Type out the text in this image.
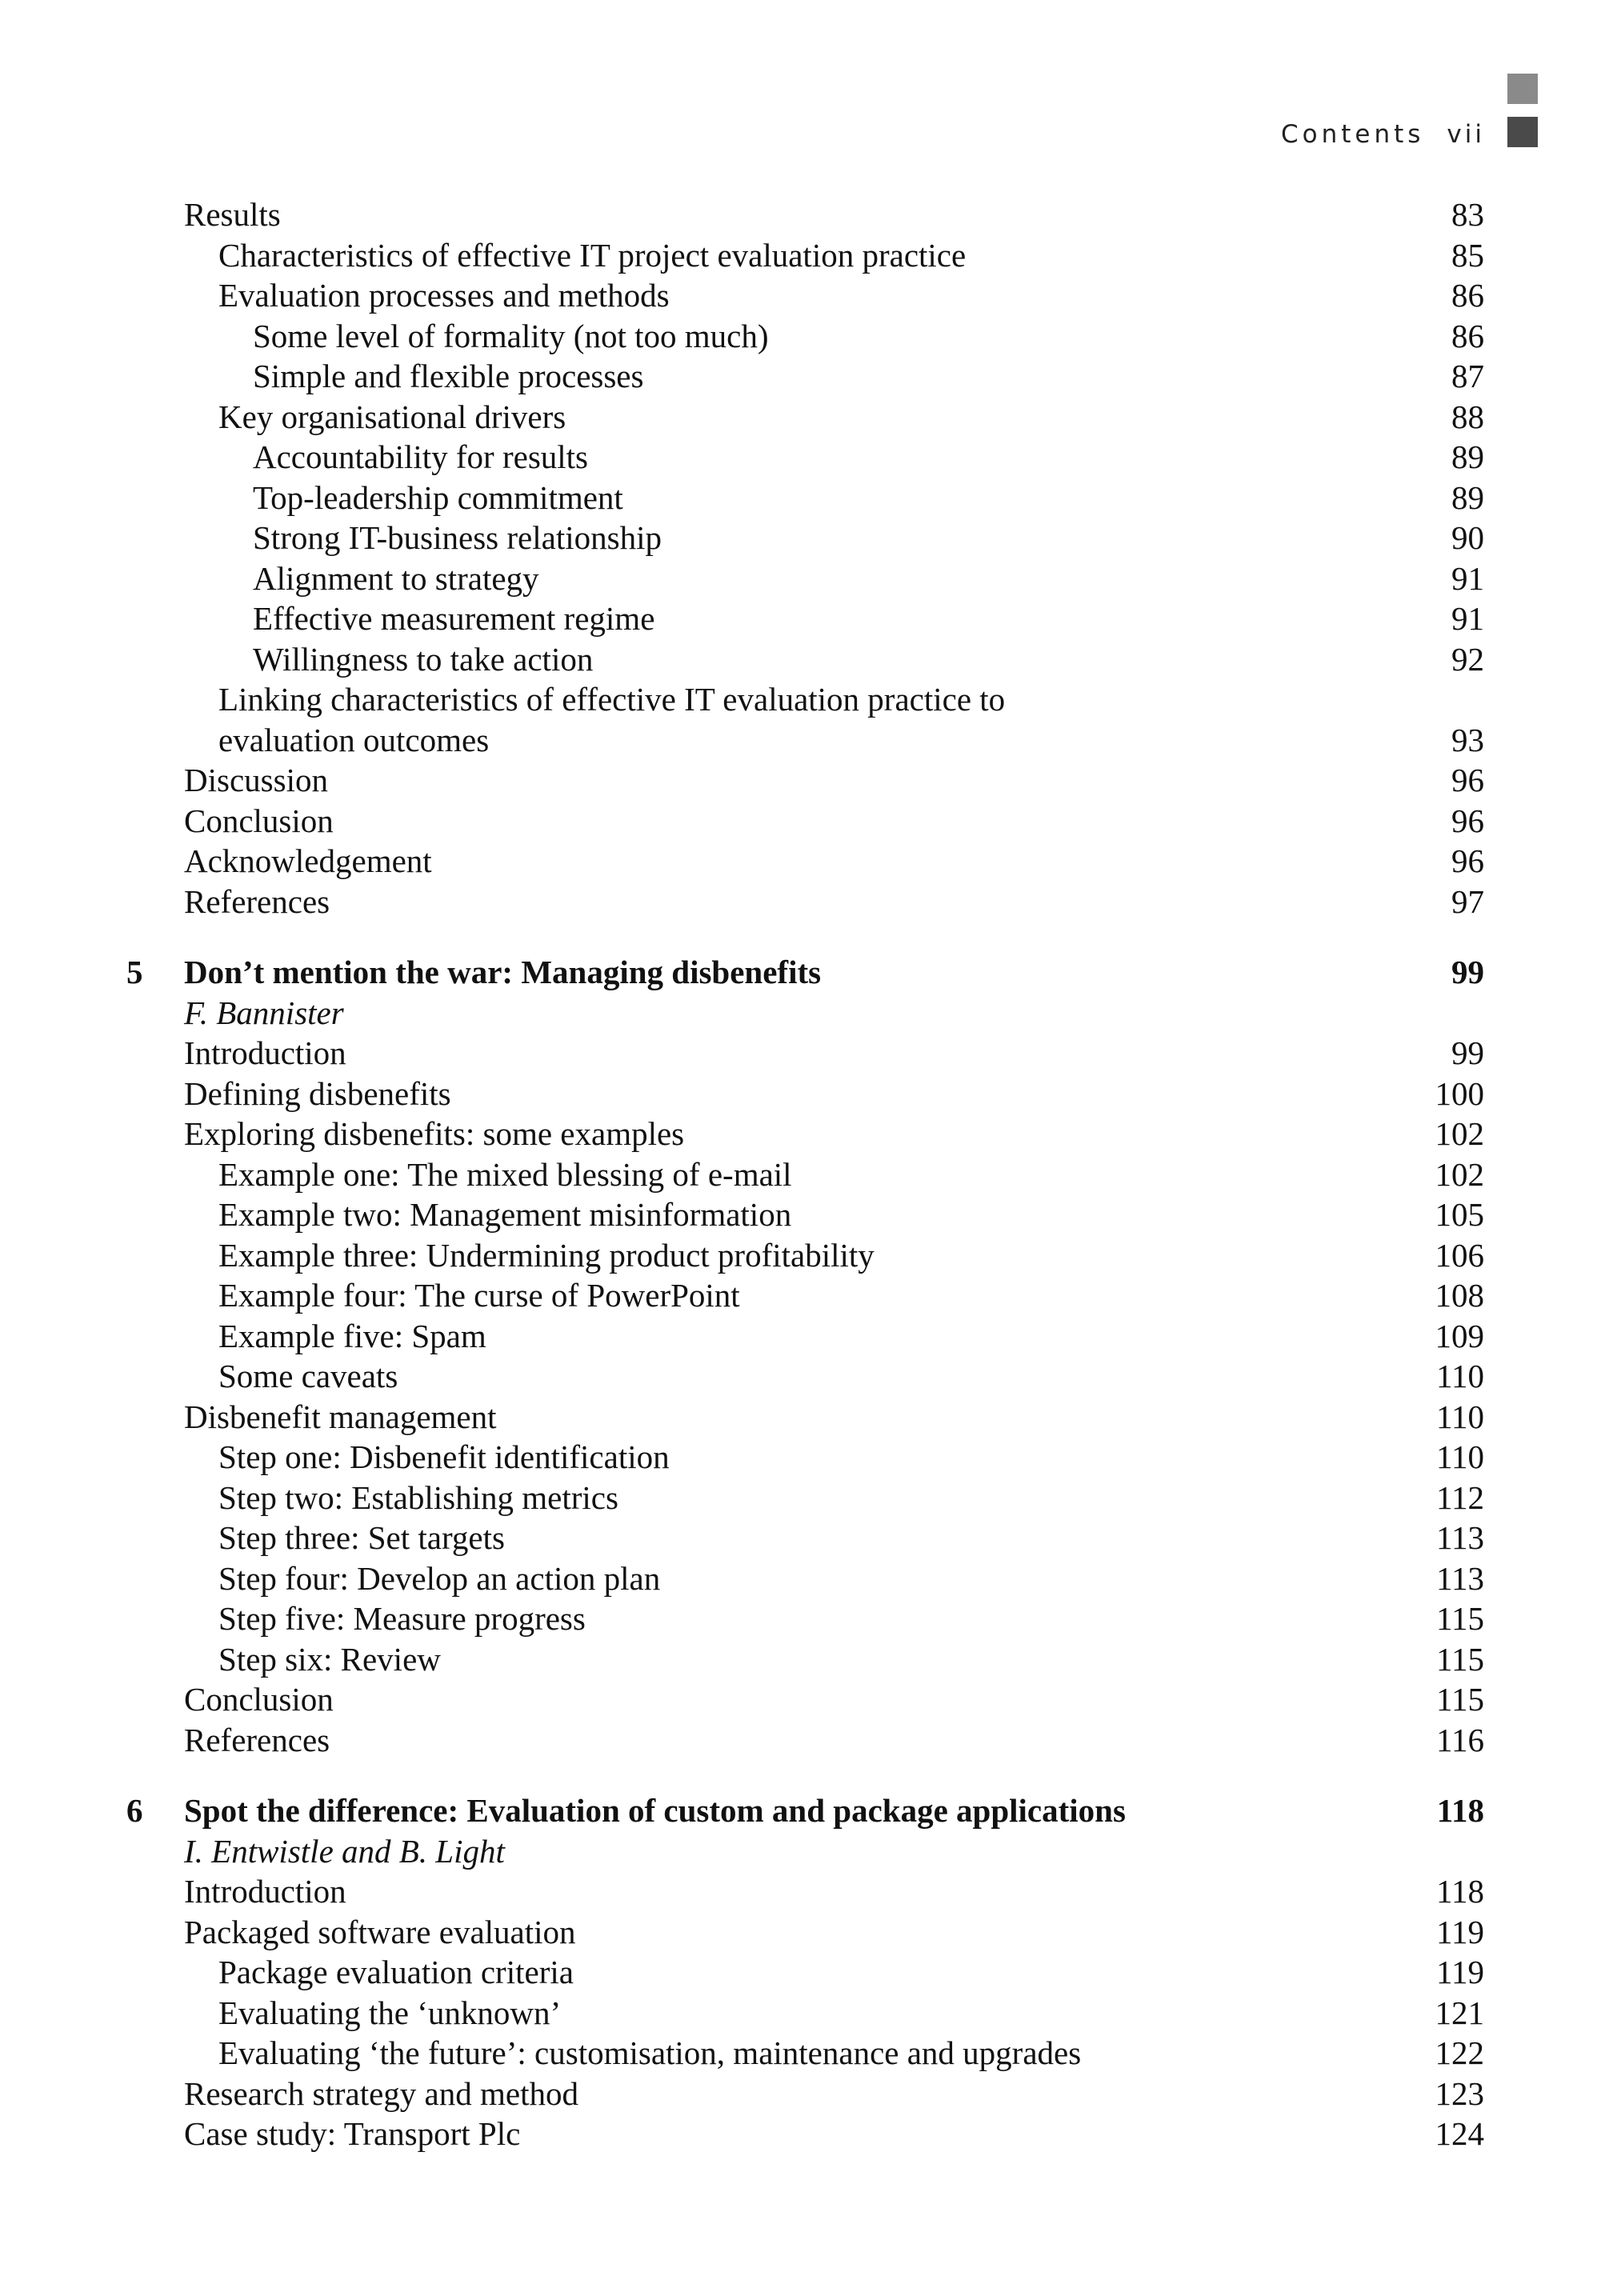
Contents vii
Results	83
Characteristics of effective IT project evaluation practice	85
Evaluation processes and methods	86
Some level of formality (not too much)	86
Simple and flexible processes	87
Key organisational drivers	88
Accountability for results	89
Top-leadership commitment	89
Strong IT-business relationship	90
Alignment to strategy	91
Effective measurement regime	91
Willingness to take action	92
Linking characteristics of effective IT evaluation practice to
evaluation outcomes	93
Discussion	96
Conclusion	96
Acknowledgement	96
References	97
5 Don’t mention the war: Managing disbenefits	99
F. Bannister
Introduction	99
Defining disbenefits	100
Exploring disbenefits: some examples	102
Example one: The mixed blessing of e-mail	102
Example two: Management misinformation	105
Example three: Undermining product profitability	106
Example four: The curse of PowerPoint	108
Example five: Spam	109
Some caveats	110
Disbenefit management	110
Step one: Disbenefit identification	110
Step two: Establishing metrics	112
Step three: Set targets	113
Step four: Develop an action plan	113
Step five: Measure progress	115
Step six: Review	115
Conclusion	115
References	116
6 Spot the difference: Evaluation of custom and package applications	118
I. Entwistle and B. Light
Introduction	118
Packaged software evaluation	119
Package evaluation criteria	119
Evaluating the ‘unknown’	121
Evaluating ‘the future’: customisation, maintenance and upgrades	122
Research strategy and method	123
Case study: Transport Plc	124
